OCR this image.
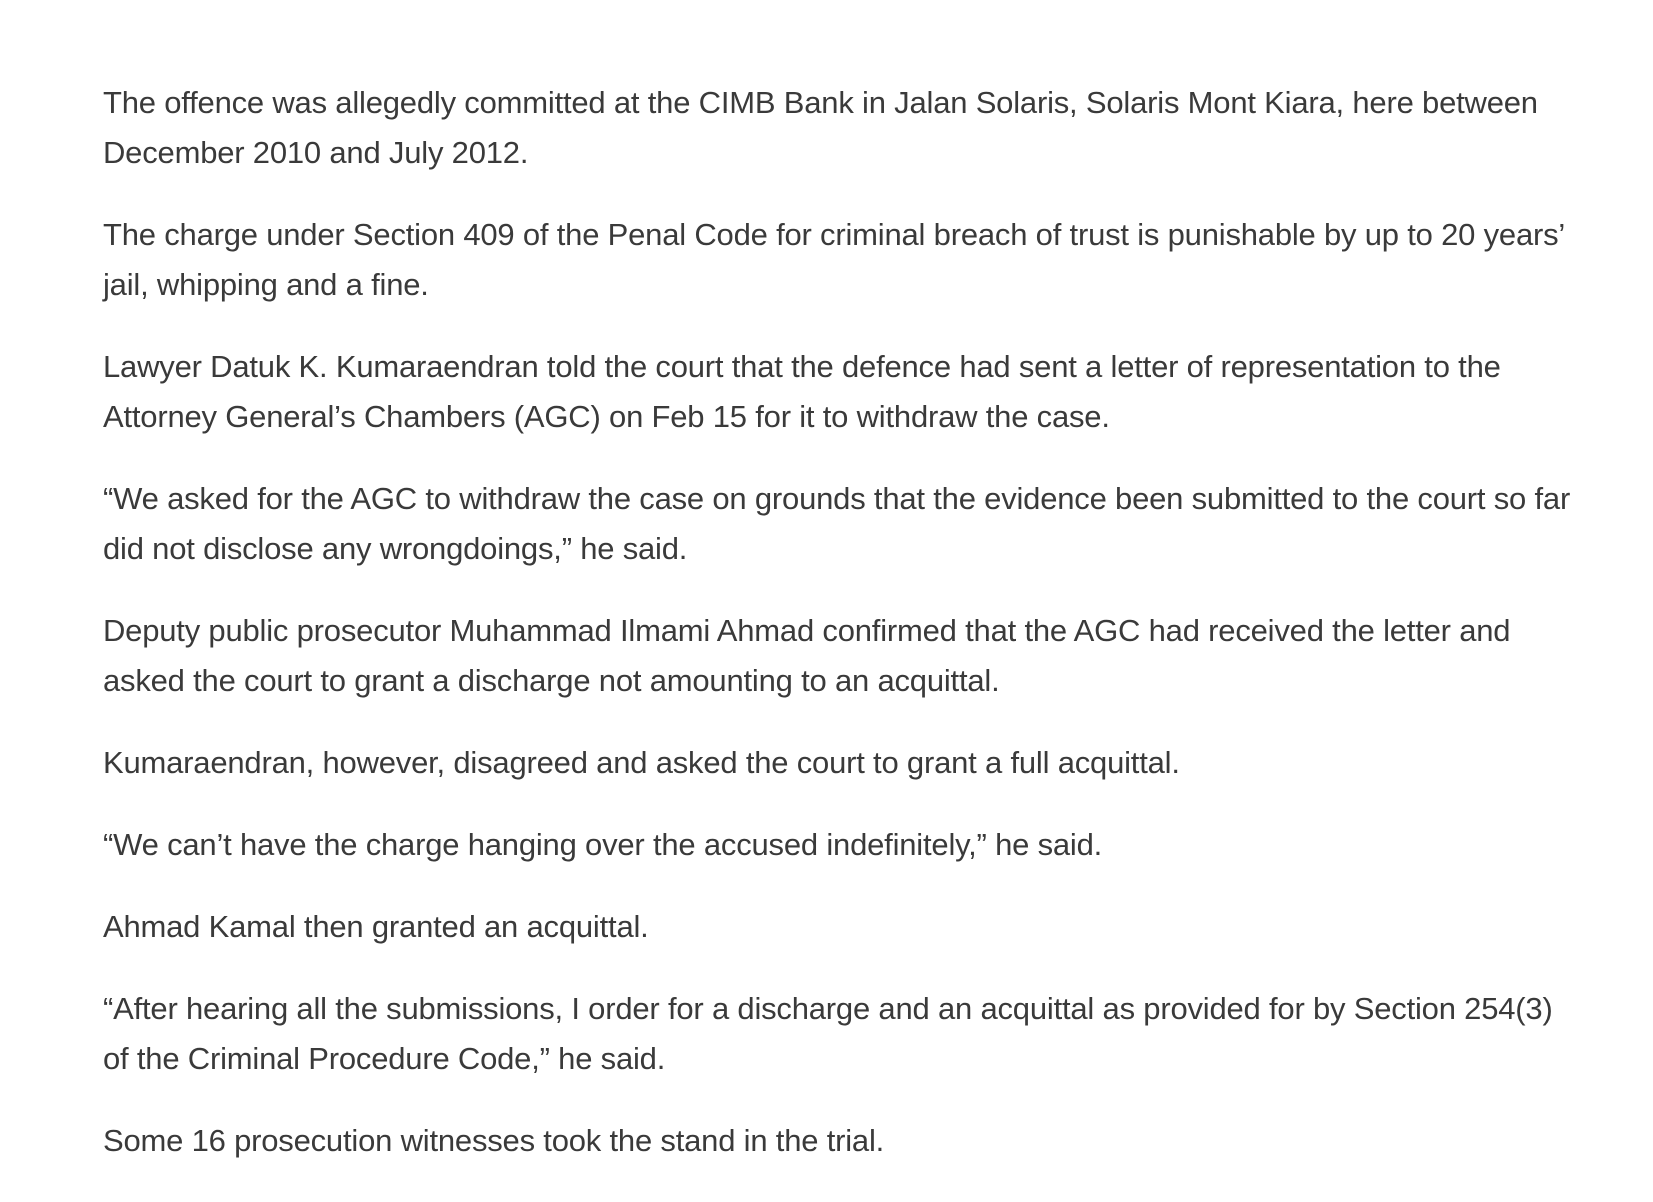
The offence was allegedly committed at the CIMB Bank in Jalan Solaris, Solaris Mont Kiara, here between December 2010 and July 2012.

The charge under Section 409 of the Penal Code for criminal breach of trust is punishable by up to 20 years’ jail, whipping and a fine.

Lawyer Datuk K. Kumaraendran told the court that the defence had sent a letter of representation to the Attorney General’s Chambers (AGC) on Feb 15 for it to withdraw the case.

“We asked for the AGC to withdraw the case on grounds that the evidence been submitted to the court so far did not disclose any wrongdoings,” he said.

Deputy public prosecutor Muhammad Ilmami Ahmad confirmed that the AGC had received the letter and asked the court to grant a discharge not amounting to an acquittal.

Kumaraendran, however, disagreed and asked the court to grant a full acquittal.

“We can’t have the charge hanging over the accused indefinitely,” he said.

Ahmad Kamal then granted an acquittal.

“After hearing all the submissions, I order for a discharge and an acquittal as provided for by Section 254(3) of the Criminal Procedure Code,” he said.

Some 16 prosecution witnesses took the stand in the trial.
